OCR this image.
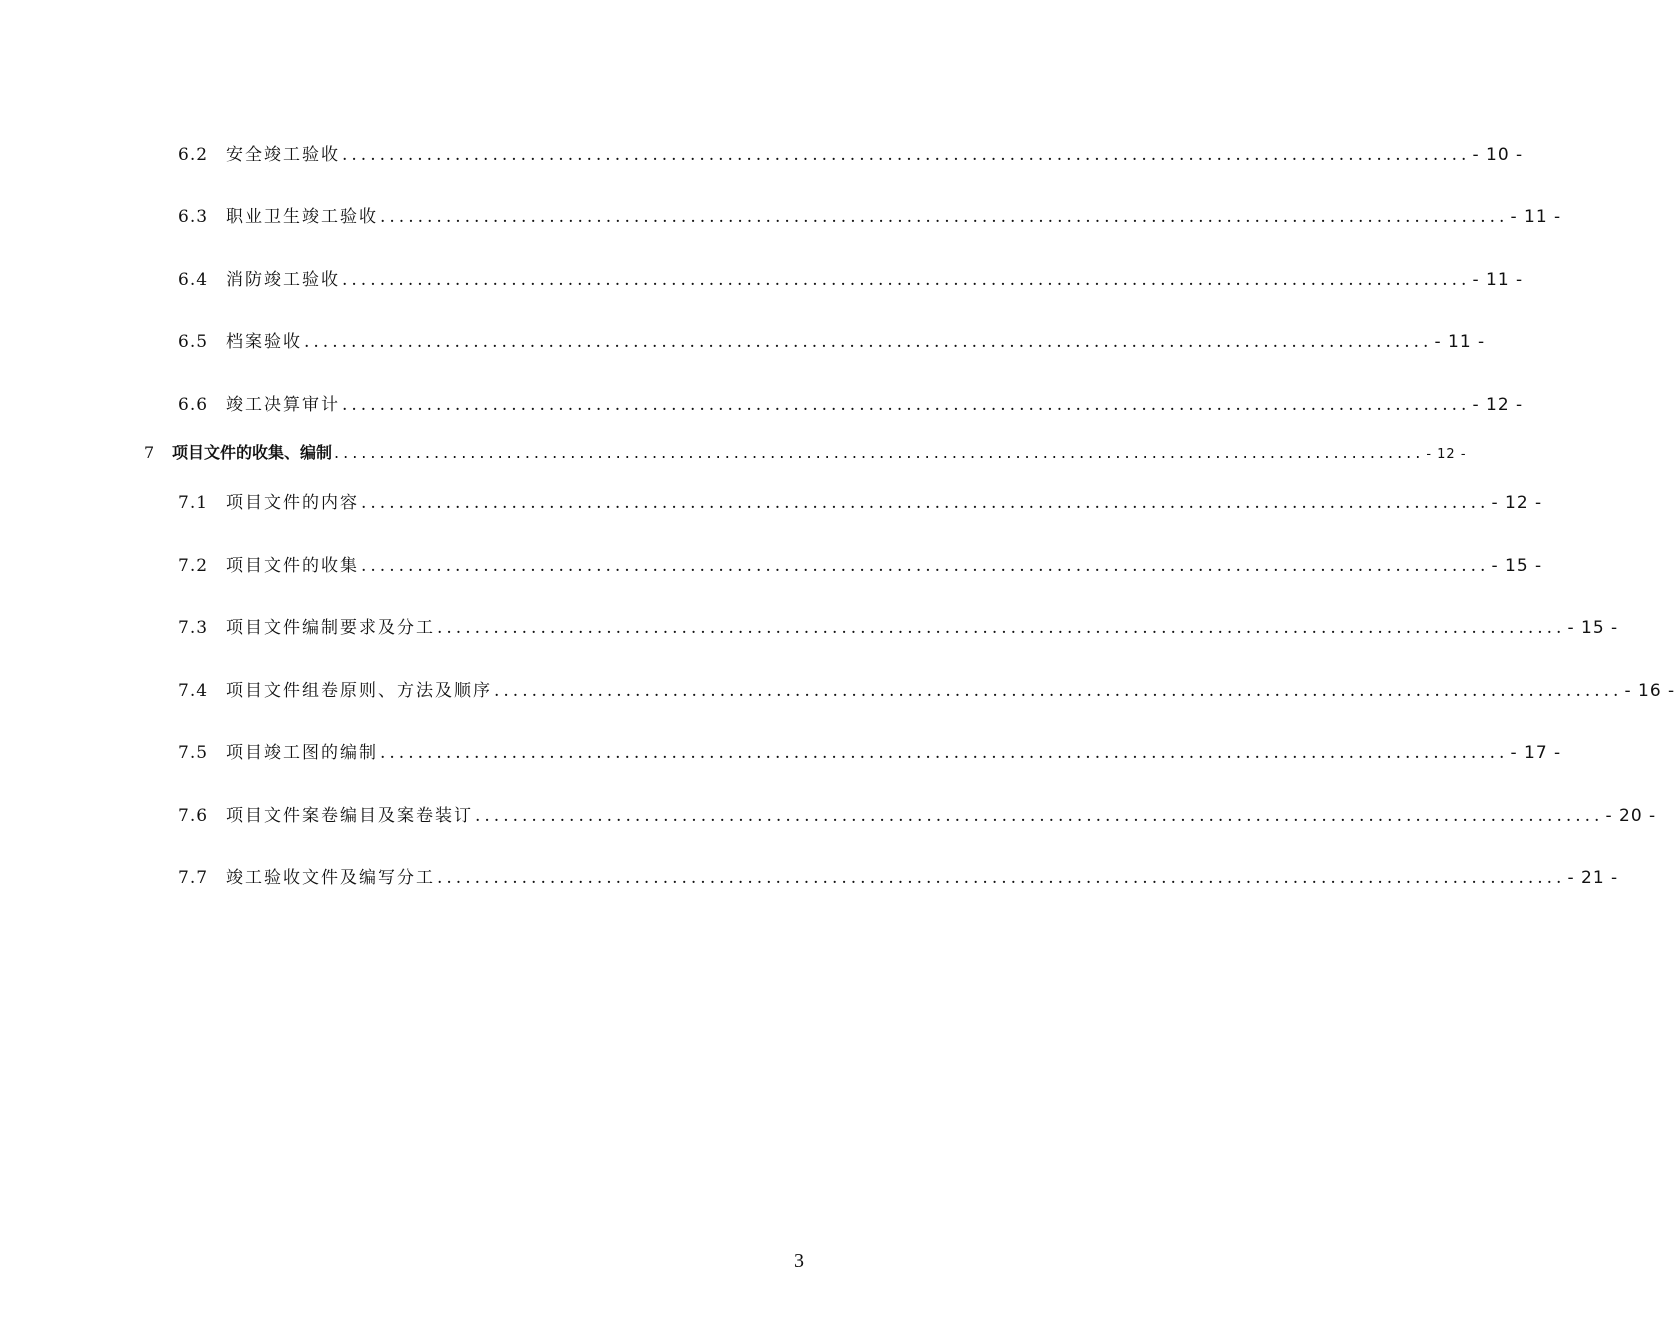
6.2	安全竣工验收 ........................................................................................................................ - 10 -
6.3	职业卫生竣工验收 ........................................................................................................................ - 11 -
6.4	消防竣工验收 ........................................................................................................................ - 11 -
6.5	档案验收 ........................................................................................................................ - 11 -
6.6	竣工决算审计 ........................................................................................................................ - 12 -
7	项目文件的收集、编制 ........................................................................................................................ - 12 -
7.1	项目文件的内容 ........................................................................................................................ - 12 -
7.2	项目文件的收集 ........................................................................................................................ - 15 -
7.3	项目文件编制要求及分工 ........................................................................................................................ - 15 -
7.4	项目文件组卷原则、方法及顺序 ........................................................................................................................ - 16 -
7.5	项目竣工图的编制 ........................................................................................................................ - 17 -
7.6	项目文件案卷编目及案卷装订 ........................................................................................................................ - 20 -
7.7	竣工验收文件及编写分工 ........................................................................................................................ - 21 -
3
